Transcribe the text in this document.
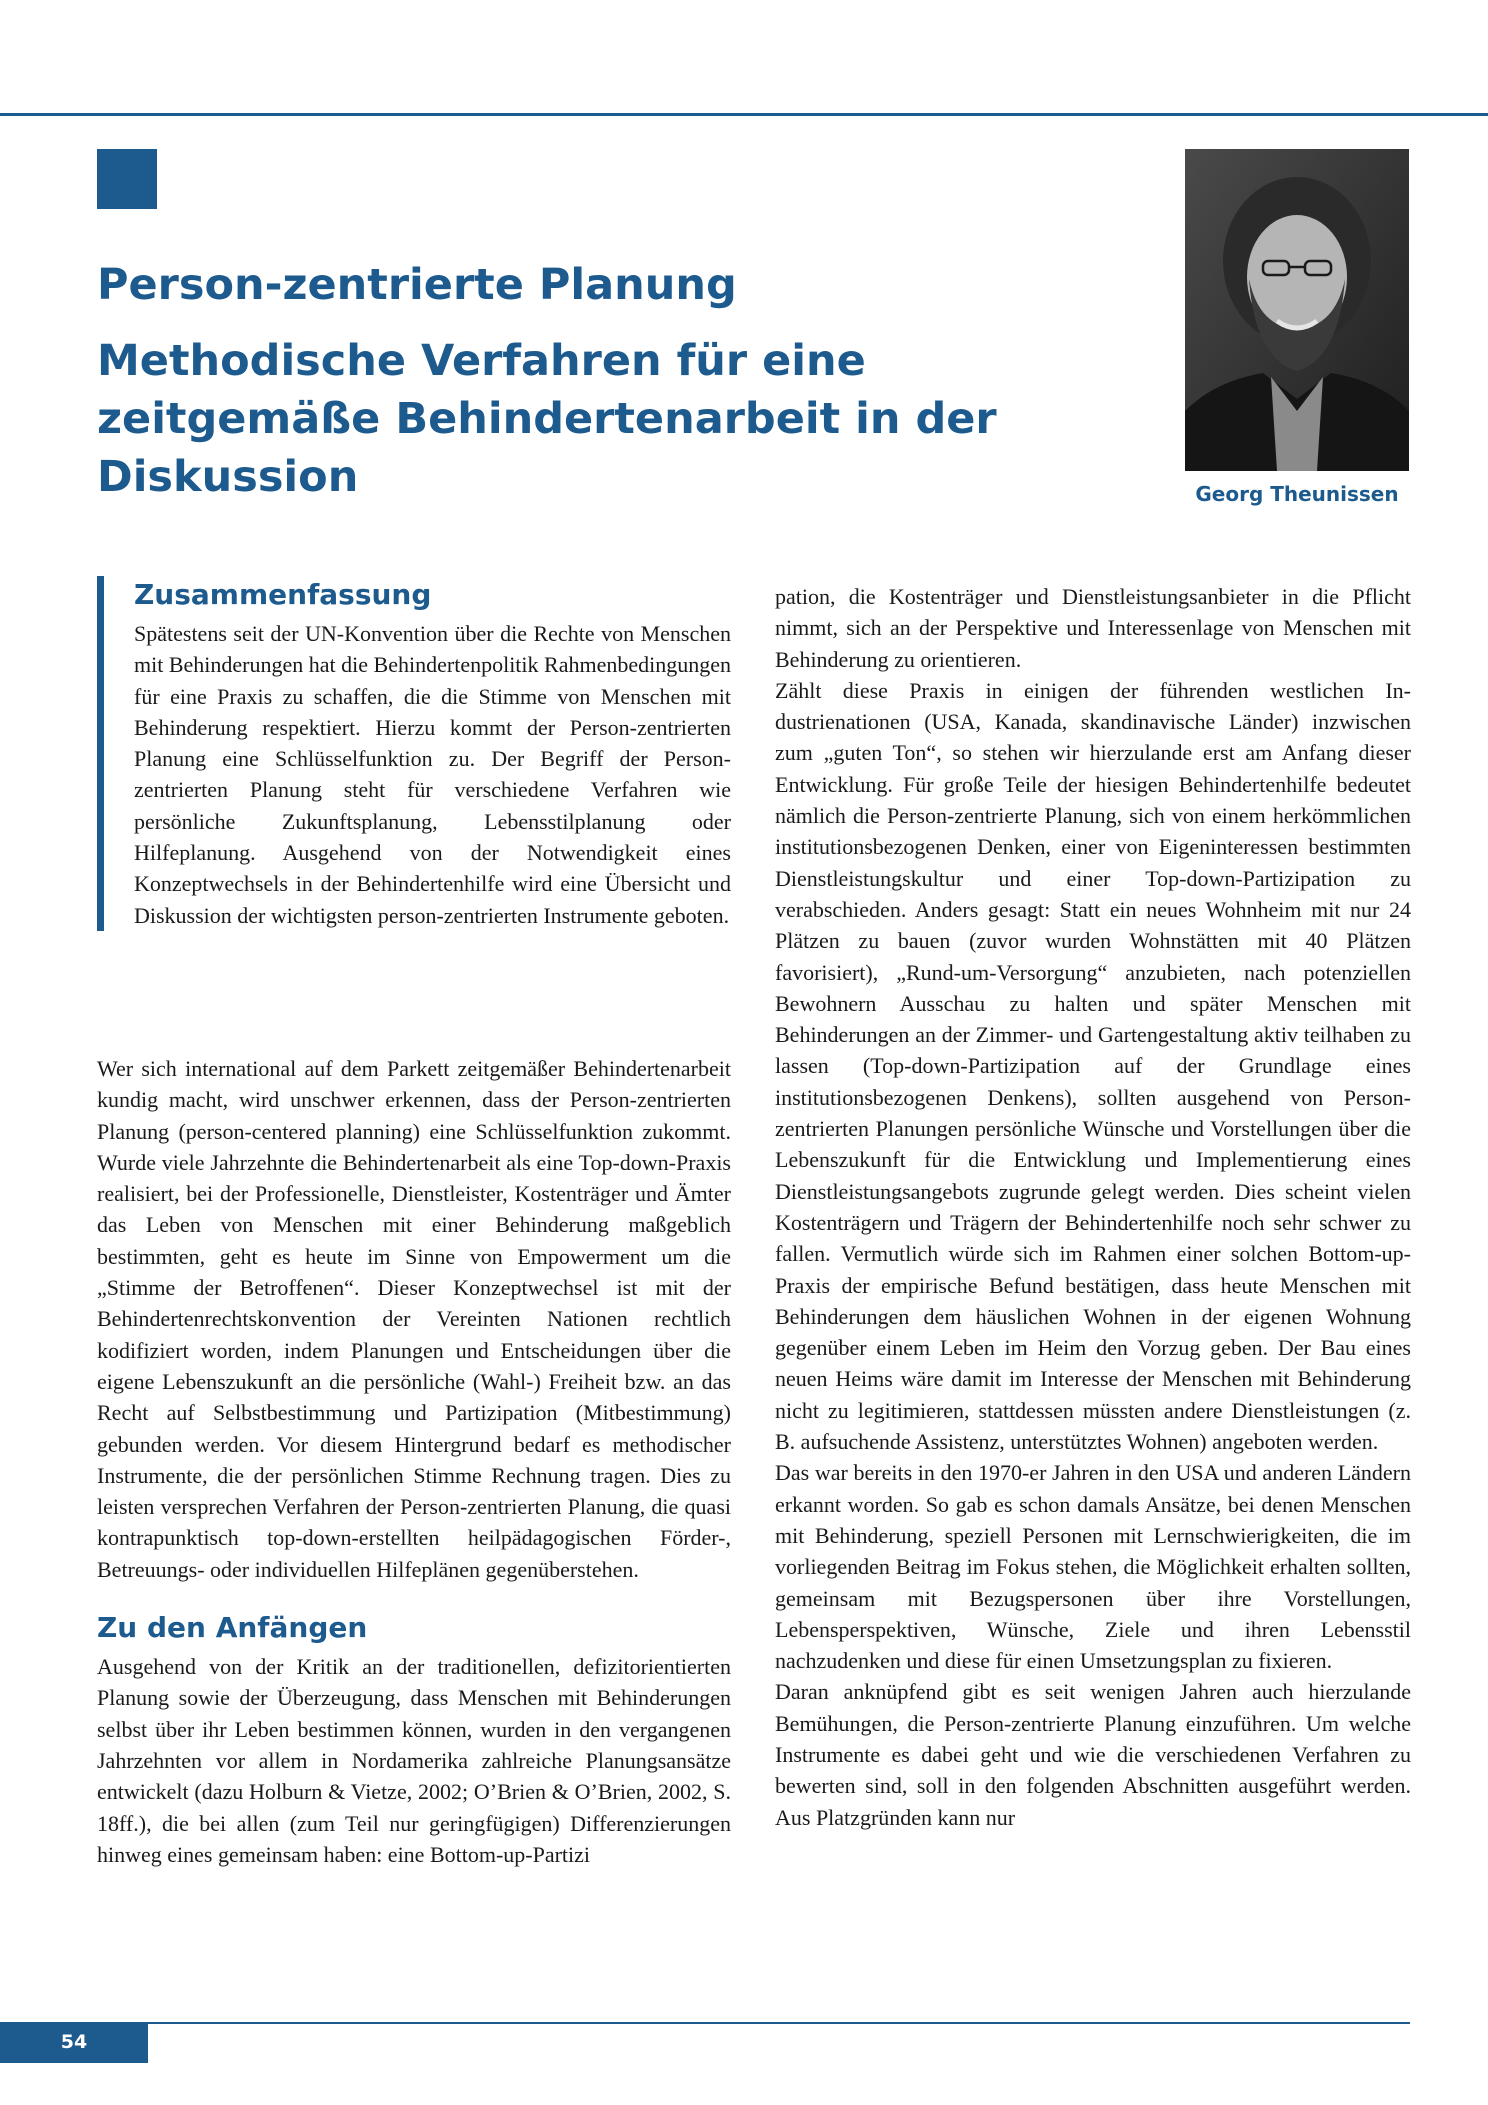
Person-zentrierte Planung
Methodische Verfahren für eine zeitgemäße Behindertenarbeit in der Diskussion	Georg Theunissen
Zusammenfassung

Spätestens seit der UN-Konvention über die Rechte von Menschen mit Behinderungen hat die Behindertenpolitik Rahmenbedingungen für eine Praxis zu schaffen, die die Stimme von Menschen mit Behinderung respektiert. Hierzu kommt der Person-zentrierten Planung eine Schlüsselfunktion zu. Der Begriff der Person-zentrierten Planung steht für verschiedene Verfahren wie persönliche Zukunftsplanung, Lebensstilplanung oder Hilfeplanung. Ausgehend von der Notwendigkeit eines Konzeptwechsels in der Behindertenhilfe wird eine Übersicht und Diskussion der wichtigsten person-zentrierten Instrumente geboten.

Wer sich international auf dem Parkett zeitgemäßer Behindertenarbeit kundig macht, wird unschwer erkennen, dass der Person-zentrierten Planung (person-centered planning) eine Schlüsselfunktion zukommt. Wurde viele Jahrzehnte die Behindertenarbeit als eine Top-down-Praxis realisiert, bei der Professionelle, Dienstleister, Kostenträger und Ämter das Leben von Menschen mit einer Behinderung maßgeblich bestimmten, geht es heute im Sinne von Empowerment um die „Stimme der Betroffenen“. Dieser Konzeptwechsel ist mit der Behindertenrechtskonvention der Vereinten Nationen rechtlich kodifiziert worden, indem Planungen und Entscheidungen über die eigene Lebenszukunft an die persönliche (Wahl-) Freiheit bzw. an das Recht auf Selbstbestimmung und Partizipation (Mitbestimmung) gebunden werden. Vor diesem Hintergrund bedarf es methodischer Instrumente, die der persönlichen Stimme Rechnung tragen. Dies zu leisten versprechen Verfahren der Person-zentrierten Planung, die quasi kontrapunktisch top-down-erstellten heilpädagogischen Förder-, Betreuungs- oder individuellen Hilfeplänen gegenüberstehen.

Zu den Anfängen

Ausgehend von der Kritik an der traditionellen, defizitorientierten Planung sowie der Überzeugung, dass Menschen mit Behinderungen selbst über ihr Leben bestimmen können, wurden in den vergangenen Jahrzehnten vor allem in Nordamerika zahlreiche Planungsansätze entwickelt (dazu Holburn & Vietze, 2002; O’Brien & O’Brien, 2002, S. 18ff.), die bei allen (zum Teil nur geringfügigen) Differenzierungen hinweg eines gemeinsam haben: eine Bottom-up-Partizi

pation, die Kostenträger und Dienstleistungsanbieter in die Pflicht nimmt, sich an der Perspektive und Interessenlage von Menschen mit Behinderung zu orientieren.

Zählt diese Praxis in einigen der führenden westlichen Industrienationen (USA, Kanada, skandinavische Länder) inzwischen zum „guten Ton“, so stehen wir hierzulande erst am Anfang dieser Entwicklung. Für große Teile der hiesigen Behindertenhilfe bedeutet nämlich die Person-zentrierte Planung, sich von einem herkömmlichen institutionsbezogenen Denken, einer von Eigeninteressen bestimmten Dienstleistungskultur und einer Top-down-Partizipation zu verabschieden. Anders gesagt: Statt ein neues Wohnheim mit nur 24 Plätzen zu bauen (zuvor wurden Wohnstätten mit 40 Plätzen favorisiert), „Rund-um-Versorgung“ anzubieten, nach potenziellen Bewohnern Ausschau zu halten und später Menschen mit Behinderungen an der Zimmer- und Gartengestaltung aktiv teilhaben zu lassen (Top-down-Partizipation auf der Grundlage eines institutionsbezogenen Denkens), sollten ausgehend von Person-zentrierten Planungen persönliche Wünsche und Vorstellungen über die Lebenszukunft für die Entwicklung und Implementierung eines Dienstleistungsangebots zugrunde gelegt werden. Dies scheint vielen Kostenträgern und Trägern der Behindertenhilfe noch sehr schwer zu fallen. Vermutlich würde sich im Rahmen einer solchen Bottom-up-Praxis der empirische Befund bestätigen, dass heute Menschen mit Behinderungen dem häuslichen Wohnen in der eigenen Wohnung gegenüber einem Leben im Heim den Vorzug geben. Der Bau eines neuen Heims wäre damit im Interesse der Menschen mit Behinderung nicht zu legitimieren, stattdessen müssten andere Dienstleistungen (z. B. aufsuchende Assistenz, unterstütztes Wohnen) angeboten werden.

Das war bereits in den 1970-er Jahren in den USA und anderen Ländern erkannt worden. So gab es schon damals Ansätze, bei denen Menschen mit Behinderung, speziell Personen mit Lernschwierigkeiten, die im vorliegenden Beitrag im Fokus stehen, die Möglichkeit erhalten sollten, gemeinsam mit Bezugspersonen über ihre Vorstellungen, Lebensperspektiven, Wünsche, Ziele und ihren Lebensstil nachzudenken und diese für einen Umsetzungsplan zu fixieren.

Daran anknüpfend gibt es seit wenigen Jahren auch hierzulande Bemühungen, die Person-zentrierte Planung einzuführen. Um welche Instrumente es dabei geht und wie die verschiedenen Verfahren zu bewerten sind, soll in den folgenden Abschnitten ausgeführt werden. Aus Platzgründen kann nur

54
